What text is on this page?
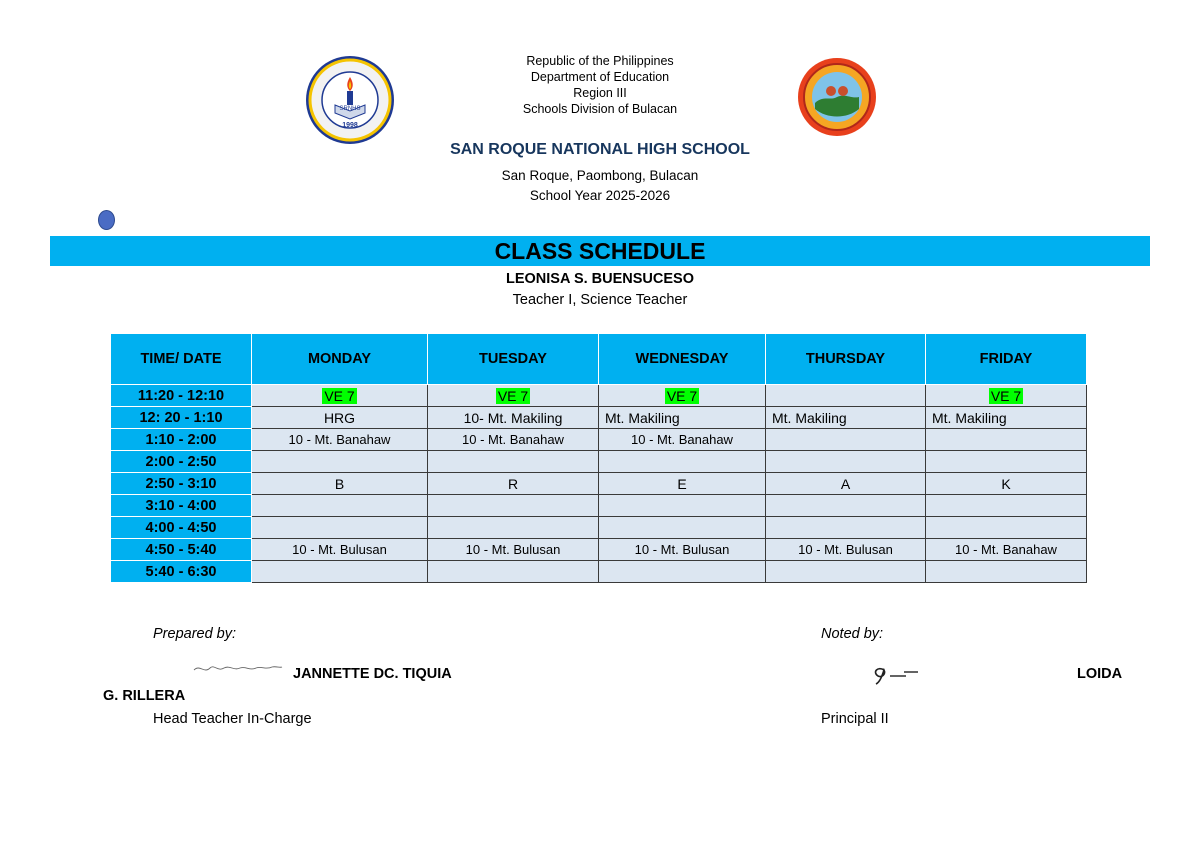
SRNHS
1998
Republic of the Philippines
Department of Education
Region III
Schools Division of Bulacan
SAN ROQUE NATIONAL HIGH SCHOOL
San Roque, Paombong, Bulacan
School Year 2025-2026
CLASS SCHEDULE
LEONISA S. BUENSUCESO
Teacher I, Science Teacher
TIME/ DATE	MONDAY	TUESDAY	WEDNESDAY	THURSDAY	FRIDAY
11:20 - 12:10	VE 7	VE 7	VE 7		VE 7
12: 20 - 1:10	HRG	10- Mt. Makiling	Mt. Makiling	Mt. Makiling	Mt. Makiling
1:10 - 2:00	10 - Mt. Banahaw	10 - Mt. Banahaw	10 - Mt. Banahaw		
2:00 - 2:50					
2:50 - 3:10	B	R	E	A	K
3:10 - 4:00					
4:00 - 4:50					
4:50 - 5:40	10 - Mt. Bulusan	10 - Mt. Bulusan	10 - Mt. Bulusan	10 - Mt. Bulusan	10 - Mt. Banahaw
5:40 - 6:30					
Prepared by:	Noted by:
JANNETTE DC. TIQUIA	LOIDA
G. RILLERA
Head Teacher In-Charge	Principal II
